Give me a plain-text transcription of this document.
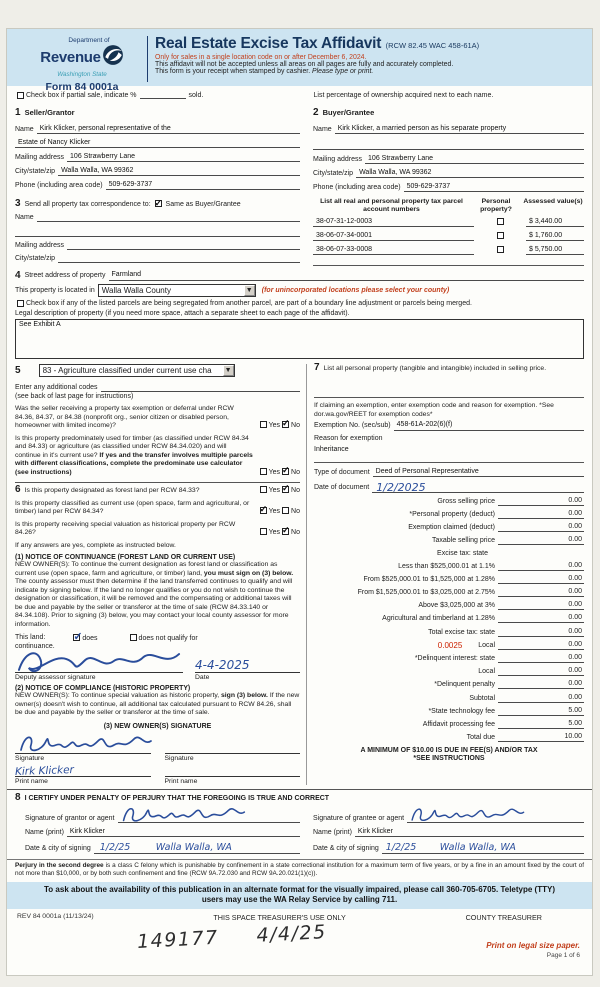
Department of
Revenue
Washington State
Form 84 0001a
Real Estate Excise Tax Affidavit (RCW 82.45 WAC 458-61A)
Only for sales in a single location code on or after December 6, 2024.
This affidavit will not be accepted unless all areas on all pages are fully and accurately completed.
This form is your receipt when stamped by cashier. Please type or print.
Check box if partial sale, indicate %	sold.	List percentage of ownership acquired next to each name.
1 Seller/Grantor
Name Kirk Klicker, personal representative of the
Estate of Nancy Klicker
Mailing address 106 Strawberry Lane
City/state/zip Walla Walla, WA 99362
Phone (including area code) 509-629-3737
3 Send all property tax correspondence to: ✓ Same as Buyer/Grantee
Name
Mailing address
City/state/zip
2 Buyer/Grantee
Name Kirk Klicker, a married person as his separate property
Mailing address 106 Strawberry Lane
City/state/zip Walla Walla, WA 99362
Phone (including area code) 509-629-3737
List all real and personal property tax parcel account numbers
Personal property?
Assessed value(s)
38-07-31-12-0003	$ 3,440.00
38-06-07-34-0001	$ 1,760.00
38-06-07-33-0008	$ 5,750.00
4 Street address of property Farmland
This property is located in Walla Walla County	▼ (for unincorporated locations please select your county)
Check box if any of the listed parcels are being segregated from another parcel, are part of a boundary line adjustment or parcels being merged.
Legal description of property (if you need more space, attach a separate sheet to each page of the affidavit).
See Exhibit A
5	83 - Agriculture classified under current use cha ▼
Enter any additional codes
(see back of last page for instructions)
Was the seller receiving a property tax exemption or deferral under RCW 84.36, 84.37, or 84.38 (nonprofit org., senior citizen or disabled person, homeowner with limited income)?	Yes ✓ No
Is this property predominately used for timber (as classified under RCW 84.34 and 84.33) or agriculture (as classified under RCW 84.34.020) and will continue in it's current use? If yes and the transfer involves multiple parcels with different classifications, complete the predominate use calculator (see instructions)	Yes ✓ No
6 Is this property designated as forest land per RCW 84.33?	Yes ✓ No
Is this property classified as current use (open space, farm and agricultural, or timber) land per RCW 84.34? ✓	Yes No
Is this property receiving special valuation as historical property per RCW 84.26?	Yes ✓ No
If any answers are yes, complete as instructed below.
(1) NOTICE OF CONTINUANCE (FOREST LAND OR CURRENT USE)
NEW OWNER(S): To continue the current designation as forest land or classification as current use (open space, farm and agriculture, or timber) land, you must sign on (3) below. The county assessor must then determine if the land transferred continues to qualify and will indicate by signing below. If the land no longer qualifies or you do not wish to continue the designation or classification, it will be removed and the compensating or additional taxes will be due and payable by the seller or transferor at the time of sale (RCW 84.33.140 or 84.34.108). Prior to signing (3) below, you may contact your local county assessor for more information.
This land: ✓	does	does not qualify for
continuance.
Deputy assessor signature
4-4-2025
Date
(2) NOTICE OF COMPLIANCE (HISTORIC PROPERTY)
NEW OWNER(S): To continue special valuation as historic property, sign (3) below. If the new owner(s) doesn't wish to continue, all additional tax calculated pursuant to RCW 84.26, shall be due and payable by the seller or transferor at the time of sale.
(3) NEW OWNER(S) SIGNATURE
Signature	Signature
Kirk Klicker
Print name	Print name
7 List all personal property (tangible and intangible) included in selling price.
If claiming an exemption, enter exemption code and reason for exemption. *See dor.wa.gov/REET for exemption codes*
Exemption No. (sec/sub) 458-61A-202(6)(f)
Reason for exemption
Inheritance
Type of document Deed of Personal Representative
Date of document 1/2/2025
Gross selling price	0.00
*Personal property (deduct)	0.00
Exemption claimed (deduct)	0.00
Taxable selling price	0.00
Excise tax: state
Less than $525,000.01 at 1.1%	0.00
From $525,000.01 to $1,525,000 at 1.28%	0.00
From $1,525,000.01 to $3,025,000 at 2.75%	0.00
Above $3,025,000 at 3%	0.00
Agricultural and timberland at 1.28%	0.00
Total excise tax: state	0.00
0.0025 Local	0.00
*Delinquent interest: state	0.00
Local	0.00
*Delinquent penalty	0.00
Subtotal	0.00
*State technology fee	5.00
Affidavit processing fee	5.00
Total due	10.00
A MINIMUM OF $10.00 IS DUE IN FEE(S) AND/OR TAX
*SEE INSTRUCTIONS
8 I CERTIFY UNDER PENALTY OF PERJURY THAT THE FOREGOING IS TRUE AND CORRECT
Signature of grantor or agent
Name (print) Kirk Klicker
Date & city of signing 1/2/25	Walla Walla, WA
Signature of grantee or agent
Name (print) Kirk Klicker
Date & city of signing 1/2/25 Walla Walla, WA
Perjury in the second degree is a class C felony which is punishable by confinement in a state correctional institution for a maximum term of five years, or by a fine in an amount fixed by the court of not more than $10,000, or by both such confinement and fine (RCW 9A.72.030 and RCW 9A.20.021(1)(c)).
To ask about the availability of this publication in an alternate format for the visually impaired, please call 360-705-6705. Teletype (TTY) users may use the WA Relay Service by calling 711.
REV 84 0001a (11/13/24)	THIS SPACE TREASURER'S USE ONLY	COUNTY TREASURER
149177 4/4/25	Print on legal size paper.
Page 1 of 6
